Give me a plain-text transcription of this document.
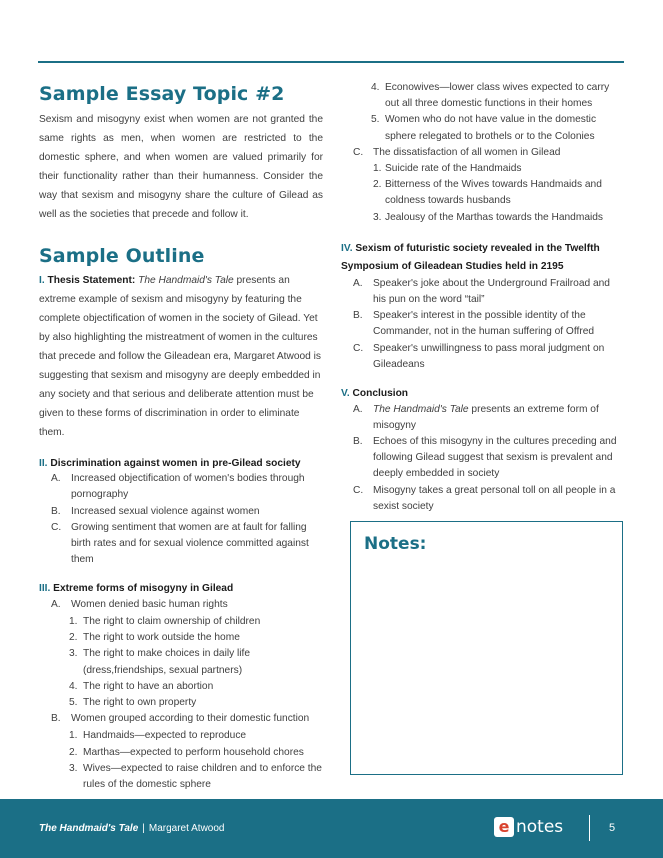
Sample Essay Topic #2

Sexism and misogyny exist when women are not granted the same rights as men, when women are restricted to the domestic sphere, and when women are valued primarily for their functionality rather than their humanness. Consider the way that sexism and misogyny share the culture of Gilead as well as the societies that precede and follow it.

Sample Outline

I. Thesis Statement: The Handmaid's Tale presents an extreme example of sexism and misogyny by featuring the complete objectification of women in the society of Gilead. Yet by also highlighting the mistreatment of women in the cultures that precede and follow the Gileadean era, Margaret Atwood is suggesting that sexism and misogyny are deeply embedded in any society and that serious and deliberate attention must be given to these forms of discrimination in order to eliminate them.

II. Discrimination against women in pre-Gilead society
A. Increased objectification of women's bodies through pornography
B. Increased sexual violence against women
C. Growing sentiment that women are at fault for falling birth rates and for sexual violence committed against them
III. Extreme forms of misogyny in Gilead
A. Women denied basic human rights
1. The right to claim ownership of children
2. The right to work outside the home
3. The right to make choices in daily life (dress,friendships, sexual partners)
4. The right to have an abortion
5. The right to own property
B. Women grouped according to their domestic function
1. Handmaids—expected to reproduce
2. Marthas—expected to perform household chores
3. Wives—expected to raise children and to enforce the rules of the domestic sphere
4. Econowives—lower class wives expected to carry out all three domestic functions in their homes
5. Women who do not have value in the domestic sphere relegated to brothels or to the Colonies
C. The dissatisfaction of all women in Gilead
1. Suicide rate of the Handmaids
2. Bitterness of the Wives towards Handmaids and coldness towards husbands
3. Jealousy of the Marthas towards the Handmaids
IV. Sexism of futuristic society revealed in the Twelfth Symposium of Gileadean Studies held in 2195
A. Speaker's joke about the Underground Frailroad and his pun on the word “tail”
B. Speaker's interest in the possible identity of the Commander, not in the human suffering of Offred
C. Speaker's unwillingness to pass moral judgment on Gileadeans
V. Conclusion
A. The Handmaid's Tale presents an extreme form of misogyny
B. Echoes of this misogyny in the cultures preceding and following Gilead suggest that sexism is prevalent and deeply embedded in society
C. Misogyny takes a great personal toll on all people in a sexist society
Notes:
The Handmaid's Tale | Margaret Atwood	e notes	5
